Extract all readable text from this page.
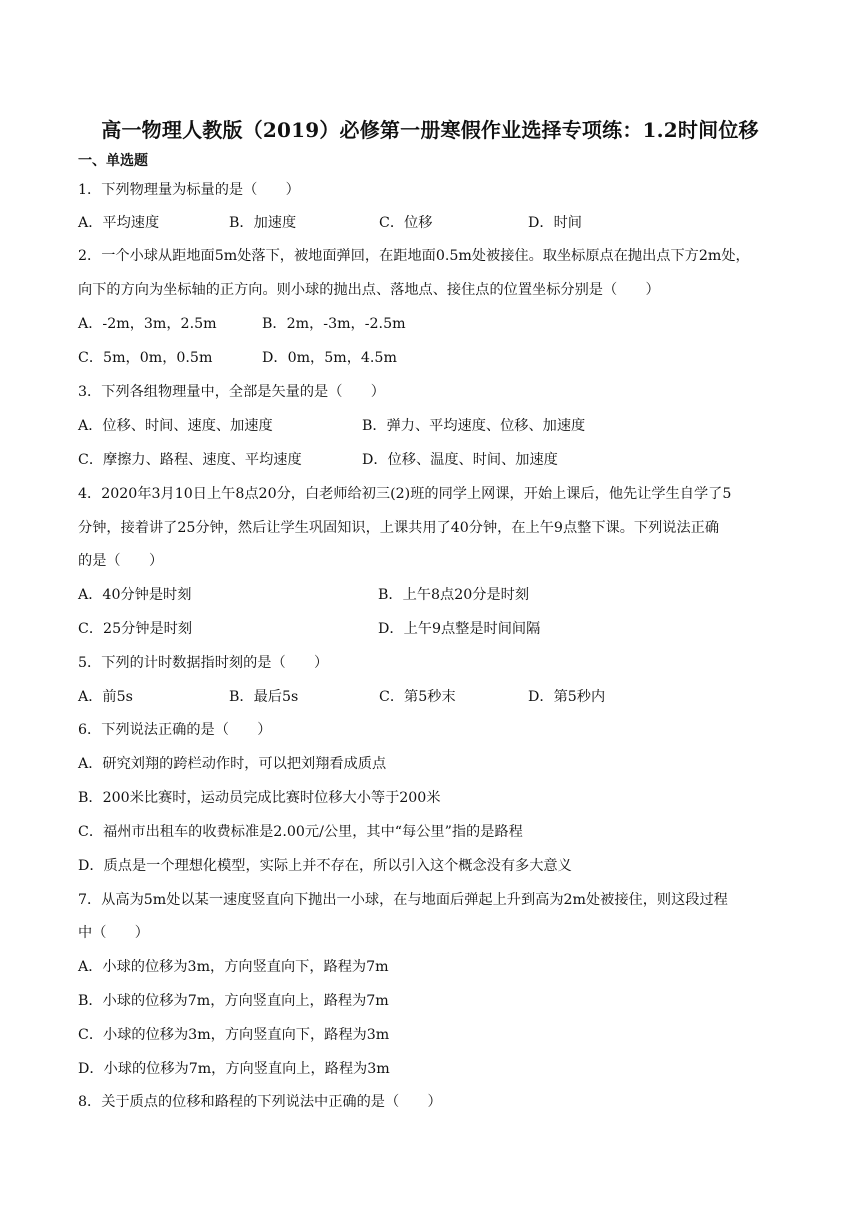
高一物理人教版（2019）必修第一册寒假作业选择专项练：1.2时间位移
一、单选题
1．下列物理量为标量的是（　　）
A．平均速度	B．加速度	C．位移	D．时间
2．一个小球从距地面5m处落下，被地面弹回，在距地面0.5m处被接住。取坐标原点在抛出点下方2m处，
向下的方向为坐标轴的正方向。则小球的抛出点、落地点、接住点的位置坐标分别是（　　）
A．-2m，3m，2.5m	B．2m，-3m，-2.5m
C．5m，0m，0.5m	D．0m，5m，4.5m
3．下列各组物理量中，全部是矢量的是（　　）
A．位移、时间、速度、加速度	B．弹力、平均速度、位移、加速度
C．摩擦力、路程、速度、平均速度	D．位移、温度、时间、加速度
4．2020年3月10日上午8点20分，白老师给初三(2)班的同学上网课，开始上课后，他先让学生自学了5
分钟，接着讲了25分钟，然后让学生巩固知识，上课共用了40分钟，在上午9点整下课。下列说法正确
的是（　　）
A．40分钟是时刻	B．上午8点20分是时刻
C．25分钟是时刻	D．上午9点整是时间间隔
5．下列的计时数据指时刻的是（　　）
A．前5s	B．最后5s	C．第5秒末	D．第5秒内
6．下列说法正确的是（　　）
A．研究刘翔的跨栏动作时，可以把刘翔看成质点
B．200米比赛时，运动员完成比赛时位移大小等于200米
C．福州市出租车的收费标准是2.00元/公里，其中“每公里”指的是路程
D．质点是一个理想化模型，实际上并不存在，所以引入这个概念没有多大意义
7．从高为5m处以某一速度竖直向下抛出一小球，在与地面后弹起上升到高为2m处被接住，则这段过程
中（　　）
A．小球的位移为3m，方向竖直向下，路程为7m
B．小球的位移为7m，方向竖直向上，路程为7m
C．小球的位移为3m，方向竖直向下，路程为3m
D．小球的位移为7m，方向竖直向上，路程为3m
8．关于质点的位移和路程的下列说法中正确的是（　　）
